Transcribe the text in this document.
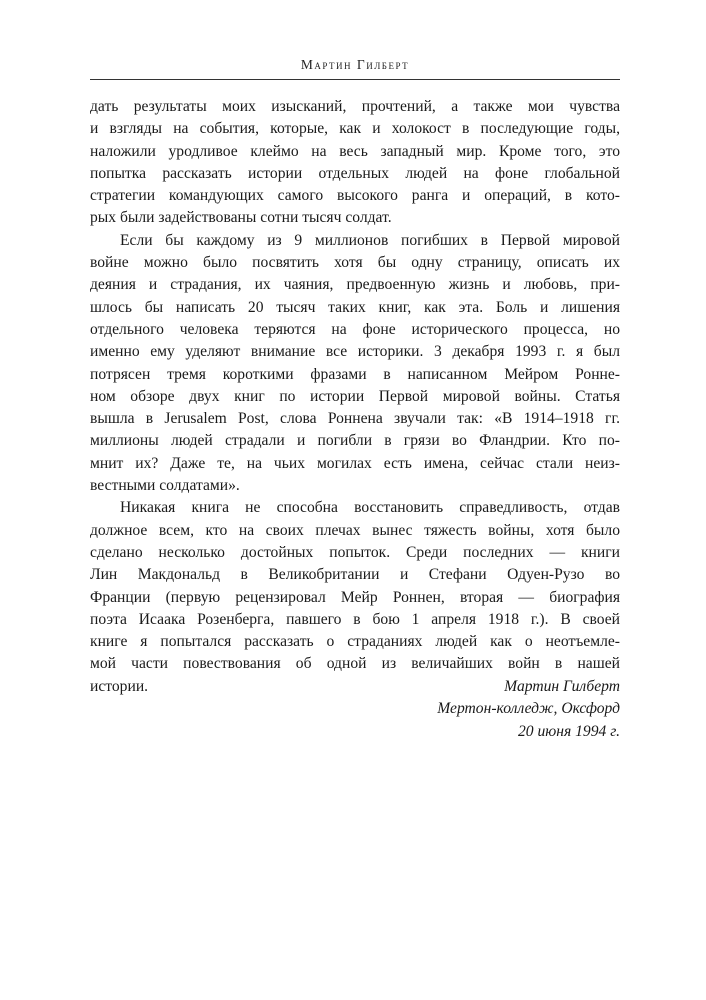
Мартин Гилберт

дать результаты моих изысканий, прочтений, а также мои чувства
и взгляды на события, которые, как и холокост в последующие годы,
наложили уродливое клеймо на весь западный мир. Кроме того, это
попытка рассказать истории отдельных людей на фоне глобальной
стратегии командующих самого высокого ранга и операций, в кото-
рых были задействованы сотни тысяч солдат.

Если бы каждому из 9 миллионов погибших в Первой мировой
войне можно было посвятить хотя бы одну страницу, описать их
деяния и страдания, их чаяния, предвоенную жизнь и любовь, при-
шлось бы написать 20 тысяч таких книг, как эта. Боль и лишения
отдельного человека теряются на фоне исторического процесса, но
именно ему уделяют внимание все историки. 3 декабря 1993 г. я был
потрясен тремя короткими фразами в написанном Мейром Роннe-
ном обзоре двух книг по истории Первой мировой войны. Статья
вышла в Jerusalem Post, слова Роннена звучали так: «В 1914–1918 гг.
миллионы людей страдали и погибли в грязи во Фландрии. Кто по-
мнит их? Даже те, на чьих могилах есть имена, сейчас стали неиз-
вестными солдатами».

Никакая книга не способна восстановить справедливость, отдав
должное всем, кто на своих плечах вынес тяжесть войны, хотя было
сделано несколько достойных попыток. Среди последних — книги
Лин Макдональд в Великобритании и Стефани Одуен-Рузо во
Франции (первую рецензировал Мейр Роннен, вторая — биография
поэта Исаака Розенберга, павшего в бою 1 апреля 1918 г.). В своей
книге я попытался рассказать о страданиях людей как о неотъемле-
мой части повествования об одной из величайших войн в нашей
истории.	Мартин Гилберт
Мертон-колледж, Оксфорд
20 июня 1994 г.
